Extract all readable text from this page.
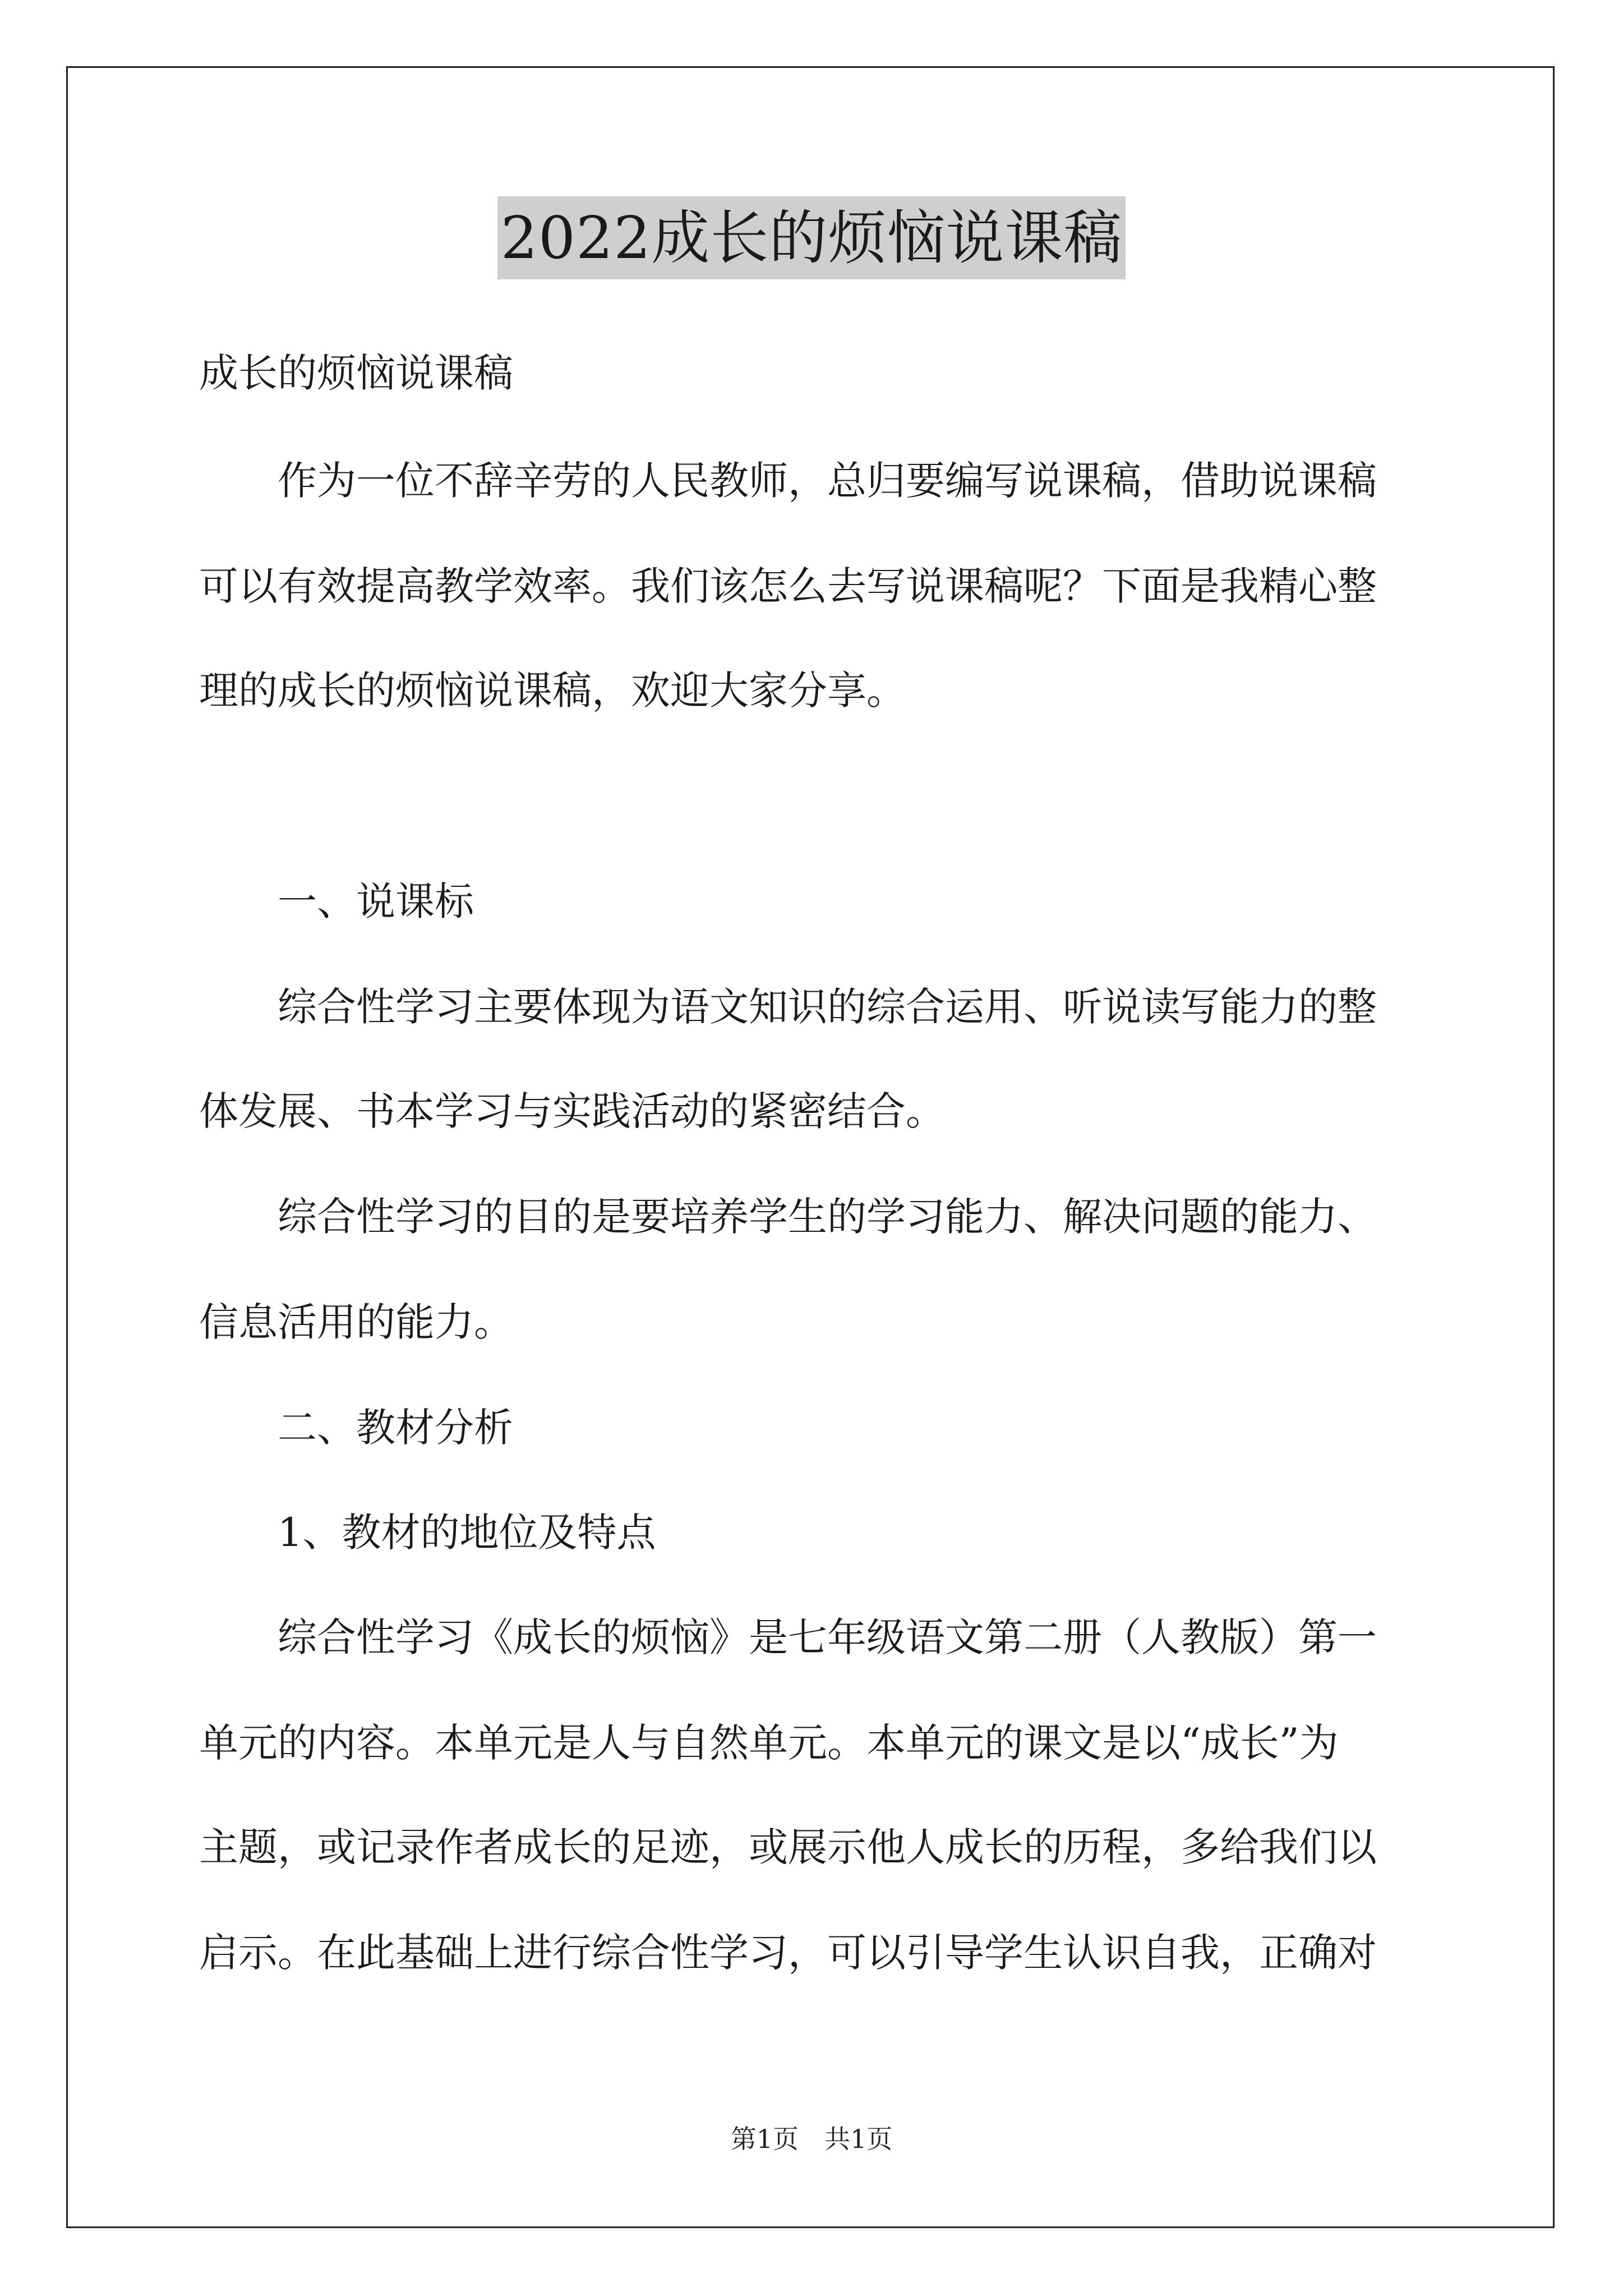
2022成长的烦恼说课稿
成长的烦恼说课稿
作为一位不辞辛劳的人民教师，总归要编写说课稿，借助说课稿
可以有效提高教学效率。我们该怎么去写说课稿呢？下面是我精心整
理的成长的烦恼说课稿，欢迎大家分享。
一、说课标
综合性学习主要体现为语文知识的综合运用、听说读写能力的整
体发展、书本学习与实践活动的紧密结合。
综合性学习的目的是要培养学生的学习能力、解决问题的能力、
信息活用的能力。
二、教材分析
1、教材的地位及特点
综合性学习《成长的烦恼》是七年级语文第二册（人教版）第一
单元的内容。本单元是人与自然单元。本单元的课文是以“成长”为
主题，或记录作者成长的足迹，或展示他人成长的历程，多给我们以
启示。在此基础上进行综合性学习，可以引导学生认识自我，正确对
第1页　共1页
